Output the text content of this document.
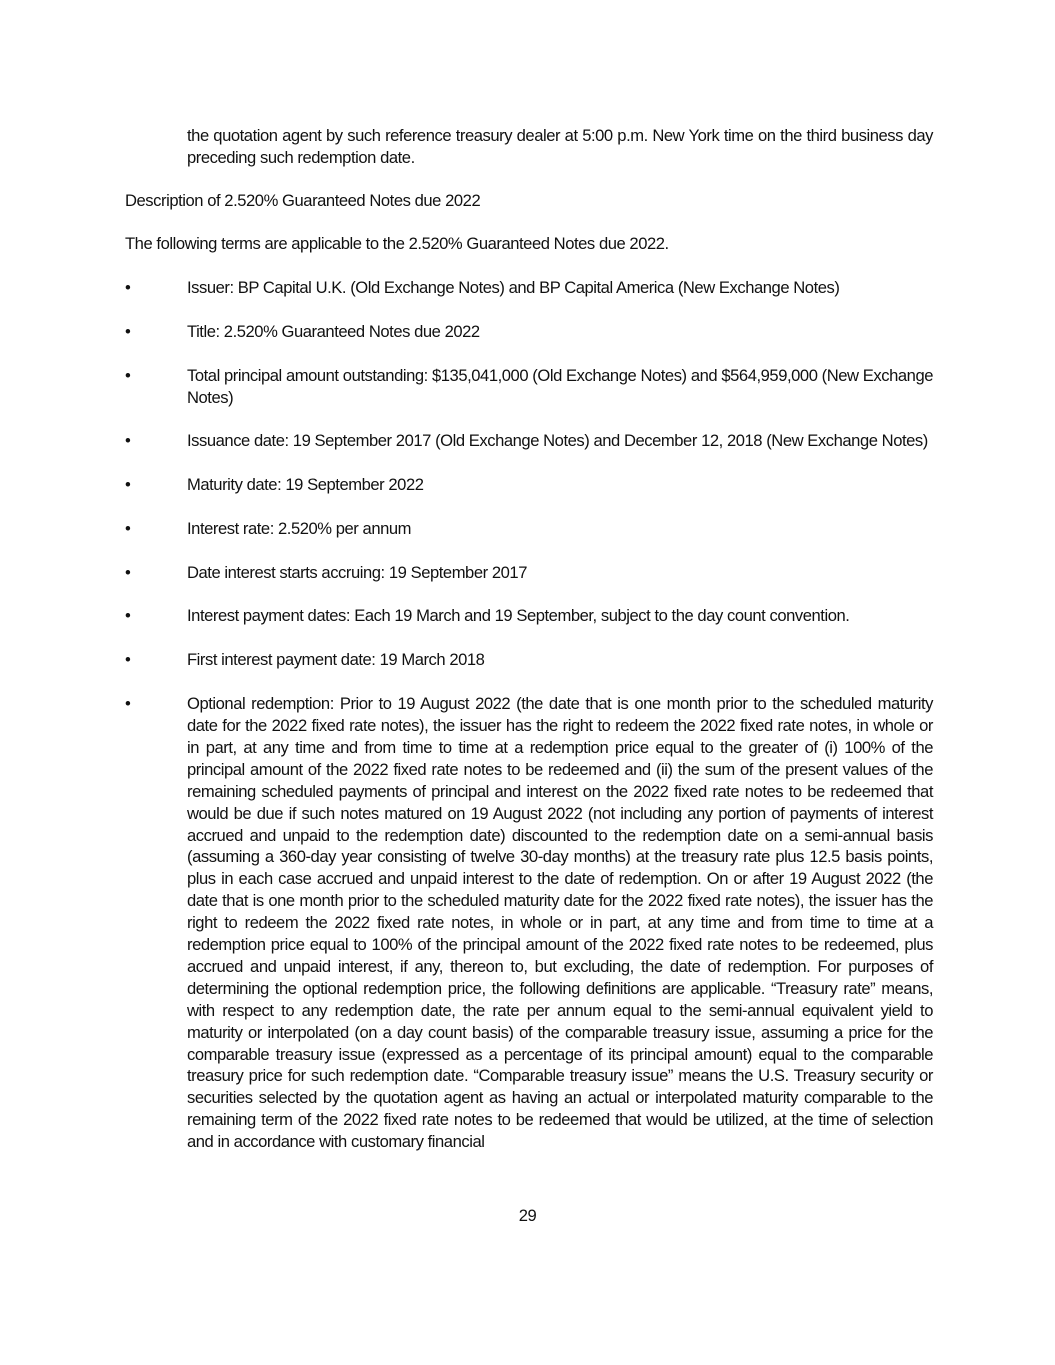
the quotation agent by such reference treasury dealer at 5:00 p.m. New York time on the third business day preceding such redemption date.

Description of 2.520% Guaranteed Notes due 2022

The following terms are applicable to the 2.520% Guaranteed Notes due 2022.

•	Issuer: BP Capital U.K. (Old Exchange Notes) and BP Capital America (New Exchange Notes)
•	Title: 2.520% Guaranteed Notes due 2022
•	Total principal amount outstanding: $135,041,000 (Old Exchange Notes) and $564,959,000 (New Exchange Notes)
•	Issuance date: 19 September 2017 (Old Exchange Notes) and December 12, 2018 (New Exchange Notes)
•	Maturity date: 19 September 2022
•	Interest rate: 2.520% per annum
•	Date interest starts accruing: 19 September 2017
•	Interest payment dates: Each 19 March and 19 September, subject to the day count convention.
•	First interest payment date: 19 March 2018
•	Optional redemption: Prior to 19 August 2022 (the date that is one month prior to the scheduled maturity date for the 2022 fixed rate notes), the issuer has the right to redeem the 2022 fixed rate notes, in whole or in part, at any time and from time to time at a redemption price equal to the greater of (i) 100% of the principal amount of the 2022 fixed rate notes to be redeemed and (ii) the sum of the present values of the remaining scheduled payments of principal and interest on the 2022 fixed rate notes to be redeemed that would be due if such notes matured on 19 August 2022 (not including any portion of payments of interest accrued and unpaid to the redemption date) discounted to the redemption date on a semi-annual basis (assuming a 360-day year consisting of twelve 30-day months) at the treasury rate plus 12.5 basis points, plus in each case accrued and unpaid interest to the date of redemption. On or after 19 August 2022 (the date that is one month prior to the scheduled maturity date for the 2022 fixed rate notes), the issuer has the right to redeem the 2022 fixed rate notes, in whole or in part, at any time and from time to time at a redemption price equal to 100% of the principal amount of the 2022 fixed rate notes to be redeemed, plus accrued and unpaid interest, if any, thereon to, but excluding, the date of redemption. For purposes of determining the optional redemption price, the following definitions are applicable. “Treasury rate” means, with respect to any redemption date, the rate per annum equal to the semi-annual equivalent yield to maturity or interpolated (on a day count basis) of the comparable treasury issue, assuming a price for the comparable treasury issue (expressed as a percentage of its principal amount) equal to the comparable treasury price for such redemption date. “Comparable treasury issue” means the U.S. Treasury security or securities selected by the quotation agent as having an actual or interpolated maturity comparable to the remaining term of the 2022 fixed rate notes to be redeemed that would be utilized, at the time of selection and in accordance with customary financial

29
